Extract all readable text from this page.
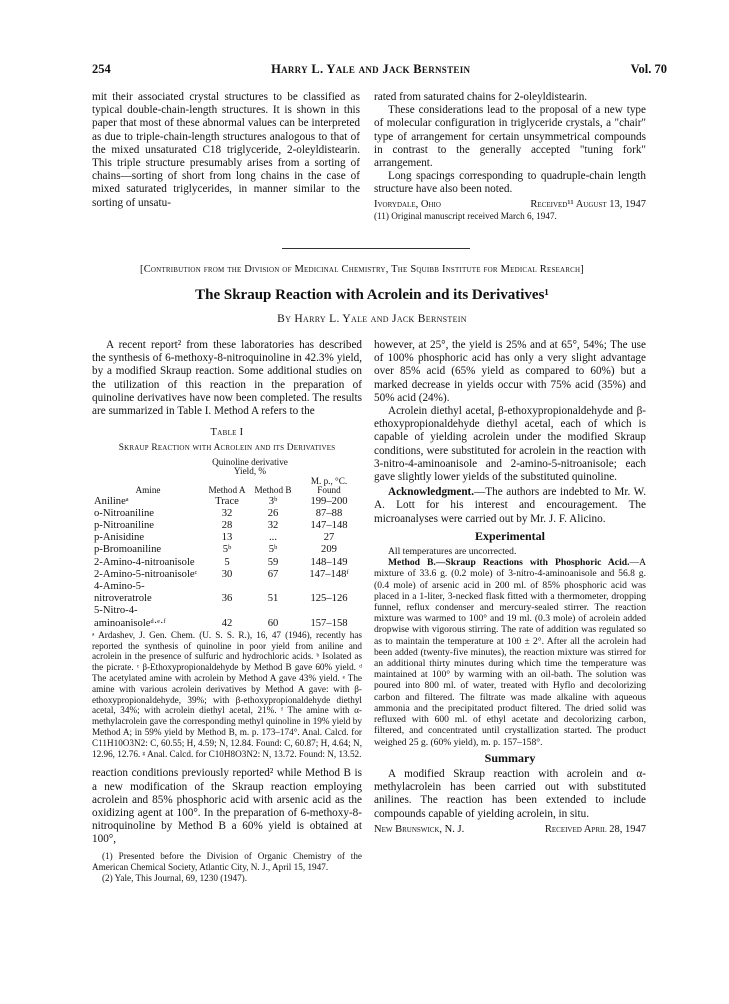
254	Harry L. Yale and Jack Bernstein	Vol. 70

mit their associated crystal structures to be classified as typical double-chain-length structures. It is shown in this paper that most of these abnormal values can be interpreted as due to triple-chain-length structures analogous to that of the mixed unsaturated C18 triglyceride, 2-oleyldistearin. This triple structure presumably arises from a sorting of chains—sorting of short from long chains in the case of mixed saturated triglycerides, in manner similar to the sorting of unsatu-

rated from saturated chains for 2-oleyldistearin.

These considerations lead to the proposal of a new type of molecular configuration in triglyceride crystals, a "chair" type of arrangement for certain unsymmetrical compounds in contrast to the generally accepted "tuning fork" arrangement.

Long spacings corresponding to quadruple-chain length structure have also been noted.

Ivorydale, Ohio	Received¹¹ August 13, 1947

(11) Original manuscript received March 6, 1947.

[Contribution from the Division of Medicinal Chemistry, The Squibb Institute for Medical Research]
The Skraup Reaction with Acrolein and its Derivatives¹
By Harry L. Yale and Jack Bernstein

A recent report² from these laboratories has described the synthesis of 6-methoxy-8-nitroquinoline in 42.3% yield, by a modified Skraup reaction. Some additional studies on the utilization of this reaction in the preparation of quinoline derivatives have now been completed. The results are summarized in Table I. Method A refers to the

Table I
Skraup Reaction with Acrolein and its Derivatives
	Quinoline derivative
Yield, %		
Amine	Method A	Method B	M. p., °C. Found
Anilineᵃ	Trace	3ᵇ	199–200
o-Nitroaniline	32	26	87–88
p-Nitroaniline	28	32	147–148
p-Anisidine	13	...	27
p-Bromoaniline	5ᵇ	5ᵇ	209
2-Amino-4-nitroanisole	5	59	148–149
2-Amino-5-nitroanisoleᶜ	30	67	147–148ᶠ
4-Amino-5-nitroveratrole	36	51	125–126
5-Nitro-4-aminoanisoleᵈ·ᵉ·ᶠ	42	60	157–158

ᵃ Ardashev, J. Gen. Chem. (U. S. S. R.), 16, 47 (1946), recently has reported the synthesis of quinoline in poor yield from aniline and acrolein in the presence of sulfuric and hydrochloric acids. ᵇ Isolated as the picrate. ᶜ β-Ethoxypropionaldehyde by Method B gave 60% yield. ᵈ The acetylated amine with acrolein by Method A gave 43% yield. ᵉ The amine with various acrolein derivatives by Method A gave: with β-ethoxypropionaldehyde, 39%; with β-ethoxypropionaldehyde diethyl acetal, 34%; with acrolein diethyl acetal, 21%. ᶠ The amine with α-methylacrolein gave the corresponding methyl quinoline in 19% yield by Method A; in 59% yield by Method B, m. p. 173–174°. Anal. Calcd. for C11H10O3N2: C, 60.55; H, 4.59; N, 12.84. Found: C, 60.87; H, 4.64; N, 12.96, 12.76. ᵍ Anal. Calcd. for C10H8O3N2: N, 13.72. Found: N, 13.52.

reaction conditions previously reported² while Method B is a new modification of the Skraup reaction employing acrolein and 85% phosphoric acid with arsenic acid as the oxidizing agent at 100°. In the preparation of 6-methoxy-8-nitroquinoline by Method B a 60% yield is obtained at 100°,

(1) Presented before the Division of Organic Chemistry of the American Chemical Society, Atlantic City, N. J., April 15, 1947.

(2) Yale, This Journal, 69, 1230 (1947).

however, at 25°, the yield is 25% and at 65°, 54%; The use of 100% phosphoric acid has only a very slight advantage over 85% acid (65% yield as compared to 60%) but a marked decrease in yields occur with 75% acid (35%) and 50% acid (24%).

Acrolein diethyl acetal, β-ethoxypropionaldehyde and β-ethoxypropionaldehyde diethyl acetal, each of which is capable of yielding acrolein under the modified Skraup conditions, were substituted for acrolein in the reaction with 3-nitro-4-aminoanisole and 2-amino-5-nitroanisole; each gave slightly lower yields of the substituted quinoline.

Acknowledgment.—The authors are indebted to Mr. W. A. Lott for his interest and encouragement. The microanalyses were carried out by Mr. J. F. Alicino.

Experimental

All temperatures are uncorrected.

Method B.—Skraup Reactions with Phosphoric Acid.—A mixture of 33.6 g. (0.2 mole) of 3-nitro-4-aminoanisole and 56.8 g. (0.4 mole) of arsenic acid in 200 ml. of 85% phosphoric acid was placed in a 1-liter, 3-necked flask fitted with a thermometer, dropping funnel, reflux condenser and mercury-sealed stirrer. The reaction mixture was warmed to 100° and 19 ml. (0.3 mole) of acrolein added dropwise with vigorous stirring. The rate of addition was regulated so as to maintain the temperature at 100 ± 2°. After all the acrolein had been added (twenty-five minutes), the reaction mixture was stirred for an additional thirty minutes during which time the temperature was maintained at 100° by warming with an oil-bath. The solution was poured into 800 ml. of water, treated with Hyflo and decolorizing carbon and filtered. The filtrate was made alkaline with aqueous ammonia and the precipitated product filtered. The dried solid was refluxed with 600 ml. of ethyl acetate and decolorizing carbon, filtered, and concentrated until crystallization started. The product weighed 25 g. (60% yield), m. p. 157–158°.

Summary

A modified Skraup reaction with acrolein and α-methylacrolein has been carried out with substituted anilines. The reaction has been extended to include compounds capable of yielding acrolein, in situ.

New Brunswick, N. J.	Received April 28, 1947
